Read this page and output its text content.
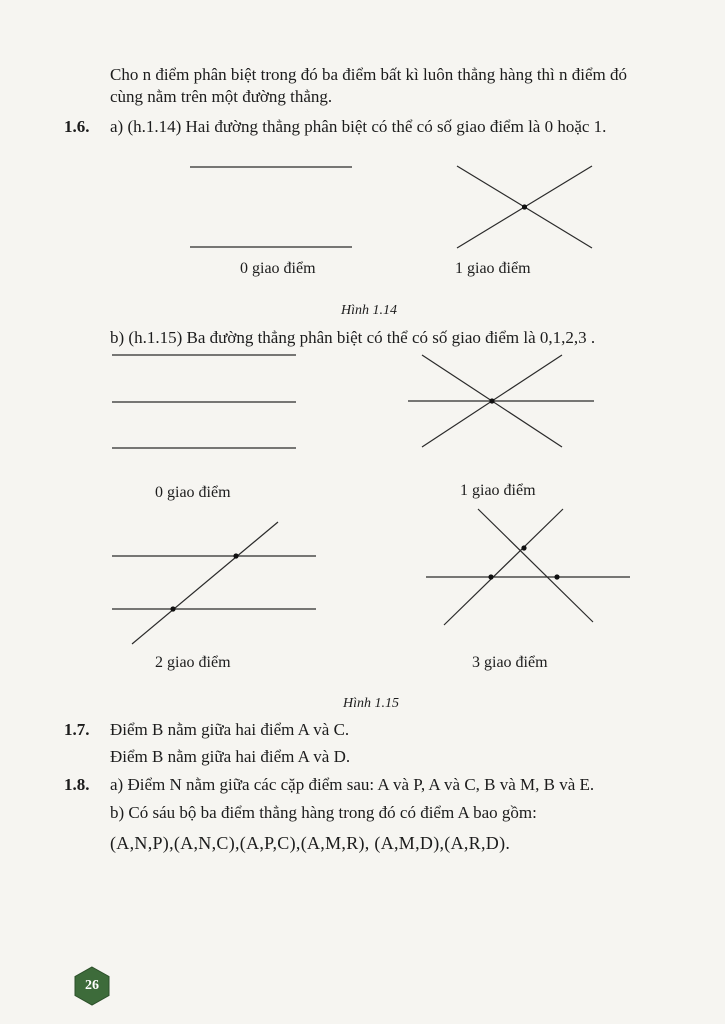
Cho n điểm phân biệt trong đó ba điểm bất kì luôn thẳng hàng thì n điểm đó
cùng nằm trên một đường thẳng.
1.6. a) (h.1.14) Hai đường thẳng phân biệt có thể có số giao điểm là 0 hoặc 1.
0 giao điểm	1 giao điểm
Hình 1.14
b) (h.1.15) Ba đường thẳng phân biệt có thể có số giao điểm là 0,1,2,3 .
0 giao điểm	1 giao điểm
2 giao điểm	3 giao điểm
Hình 1.15
1.7. Điểm B nằm giữa hai điểm A và C.
Điểm B nằm giữa hai điểm A và D.
1.8. a) Điểm N nằm giữa các cặp điểm sau: A và P, A và C, B và M, B và E.
b) Có sáu bộ ba điểm thẳng hàng trong đó có điểm A bao gồm:
(A,N,P),(A,N,C),(A,P,C),(A,M,R), (A,M,D),(A,R,D).
26
